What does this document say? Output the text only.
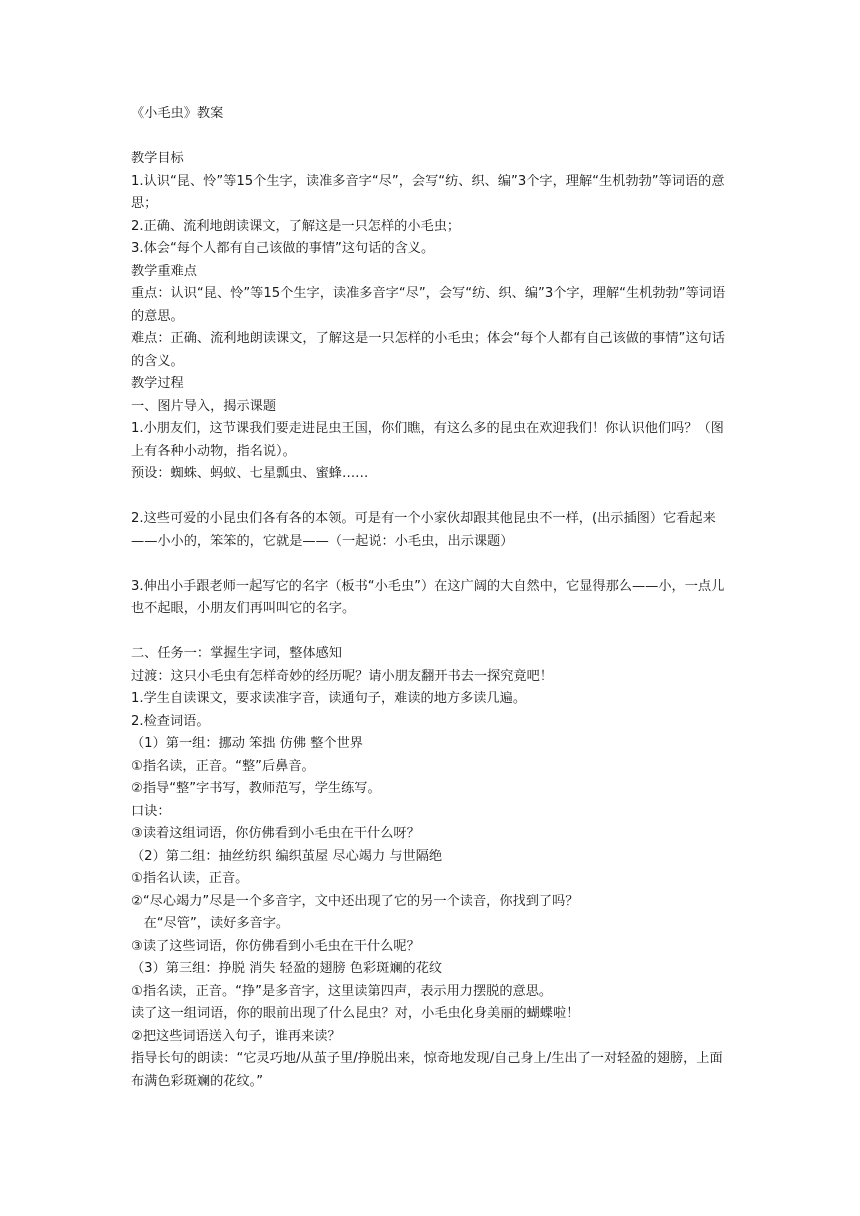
《小毛虫》教案

教学目标

1.认识“昆、怜”等15个生字，读准多音字“尽”，会写“纺、织、编”3个字，理解“生机勃勃”等词语的意思；

2.正确、流利地朗读课文，了解这是一只怎样的小毛虫；

3.体会“每个人都有自己该做的事情”这句话的含义。

教学重难点

重点：认识“昆、怜”等15个生字，读准多音字“尽”，会写“纺、织、编”3个字，理解“生机勃勃”等词语的意思。

难点：正确、流利地朗读课文，了解这是一只怎样的小毛虫；体会“每个人都有自己该做的事情”这句话的含义。

教学过程

一、图片导入，揭示课题

1.小朋友们，这节课我们要走进昆虫王国，你们瞧，有这么多的昆虫在欢迎我们！你认识他们吗？（图上有各种小动物，指名说）。

预设：蜘蛛、蚂蚁、七星瓢虫、蜜蜂……

2.这些可爱的小昆虫们各有各的本领。可是有一个小家伙却跟其他昆虫不一样，(出示插图）它看起来——小小的，笨笨的，它就是——（一起说：小毛虫，出示课题）

3.伸出小手跟老师一起写它的名字（板书“小毛虫”）在这广阔的大自然中，它显得那么——小，一点儿也不起眼，小朋友们再叫叫它的名字。

二、任务一：掌握生字词，整体感知

过渡：这只小毛虫有怎样奇妙的经历呢？请小朋友翻开书去一探究竟吧！

1.学生自读课文，要求读准字音，读通句子，难读的地方多读几遍。

2.检查词语。

（1）第一组：挪动 笨拙 仿佛 整个世界

①指名读，正音。“整”后鼻音。

②指导“整”字书写，教师范写，学生练写。

口诀：

③读着这组词语，你仿佛看到小毛虫在干什么呀？

（2）第二组：抽丝纺织 编织茧屋 尽心竭力 与世隔绝

①指名认读，正音。

②“尽心竭力”尽是一个多音字，文中还出现了它的另一个读音，你找到了吗？

在“尽管”，读好多音字。

③读了这些词语，你仿佛看到小毛虫在干什么呢？

（3）第三组：挣脱 消失 轻盈的翅膀 色彩斑斓的花纹

①指名读，正音。“挣”是多音字，这里读第四声，表示用力摆脱的意思。

读了这一组词语，你的眼前出现了什么昆虫？对，小毛虫化身美丽的蝴蝶啦！

②把这些词语送入句子，谁再来读？

指导长句的朗读：“它灵巧地/从茧子里/挣脱出来，惊奇地发现/自己身上/生出了一对轻盈的翅膀，上面布满色彩斑斓的花纹。”
